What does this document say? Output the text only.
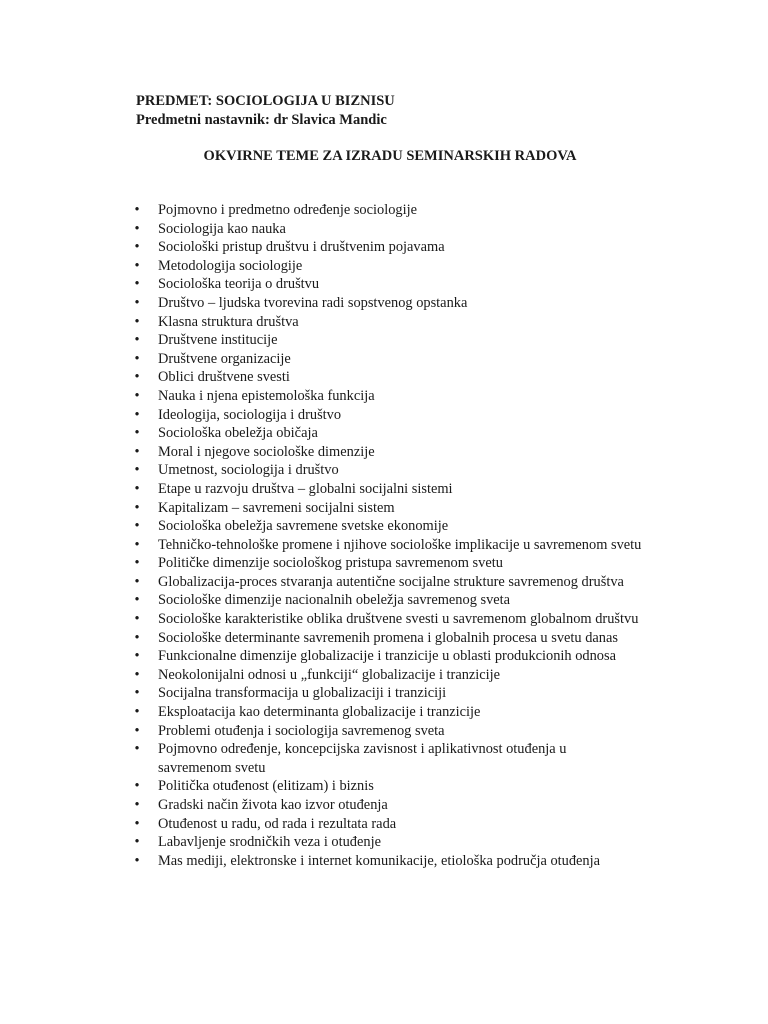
PREDMET: SOCIOLOGIJA U BIZNISU
Predmetni nastavnik: dr Slavica Mandic
OKVIRNE TEME ZA IZRADU SEMINARSKIH RADOVA
• Pojmovno i predmetno određenje sociologije
• Sociologija kao nauka
• Sociološki pristup društvu i društvenim pojavama
• Metodologija sociologije
• Sociološka teorija o društvu
• Društvo – ljudska tvorevina radi sopstvenog opstanka
• Klasna struktura društva
• Društvene institucije
• Društvene organizacije
• Oblici društvene svesti
• Nauka i njena epistemološka funkcija
• Ideologija, sociologija i društvo
• Sociološka obeležja običaja
• Moral i njegove sociološke dimenzije
• Umetnost, sociologija i društvo
• Etape u razvoju društva – globalni socijalni sistemi
• Kapitalizam – savremeni socijalni sistem
• Sociološka obeležja savremene svetske ekonomije
• Tehničko-tehnološke promene i njihove sociološke implikacije u savremenom svetu
• Političke dimenzije sociološkog pristupa savremenom svetu
• Globalizacija-proces stvaranja autentične socijalne strukture savremenog društva
• Sociološke dimenzije nacionalnih obeležja savremenog sveta
• Sociološke karakteristike oblika društvene svesti u savremenom globalnom društvu
• Sociološke determinante savremenih promena i globalnih procesa u svetu danas
• Funkcionalne dimenzije globalizacije i tranzicije u oblasti produkcionih odnosa
• Neokolonijalni odnosi u „funkciji“ globalizacije i tranzicije
• Socijalna transformacija u globalizaciji i tranziciji
• Eksploatacija kao determinanta globalizacije i tranzicije
• Problemi otuđenja i sociologija savremenog sveta
• Pojmovno određenje, koncepcijska zavisnost i aplikativnost otuđenja u savremenom svetu
• Politička otuđenost (elitizam) i biznis
• Gradski način života kao izvor otuđenja
• Otuđenost u radu, od rada i rezultata rada
• Labavljenje srodničkih veza i otuđenje
• Mas mediji, elektronske i internet komunikacije, etiološka područja otuđenja
